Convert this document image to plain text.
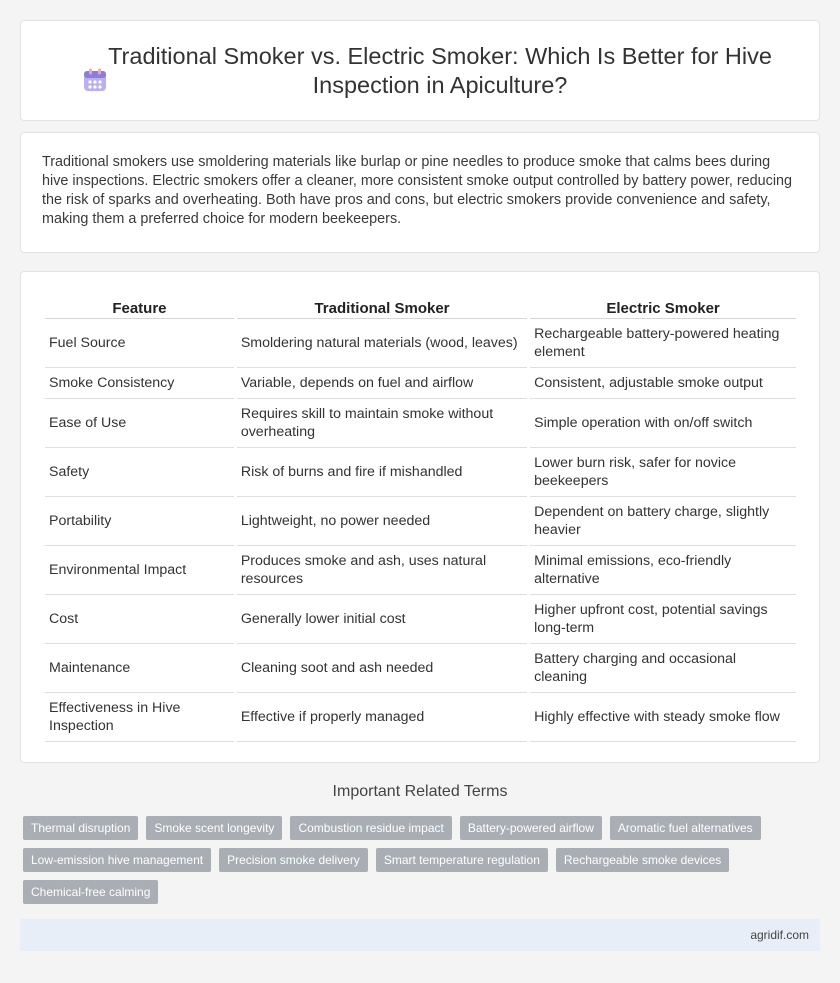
Traditional Smoker vs. Electric Smoker: Which Is Better for Hive Inspection in Apiculture?

Traditional smokers use smoldering materials like burlap or pine needles to produce smoke that calms bees during hive inspections. Electric smokers offer a cleaner, more consistent smoke output controlled by battery power, reducing the risk of sparks and overheating. Both have pros and cons, but electric smokers provide convenience and safety, making them a preferred choice for modern beekeepers.

Feature	Traditional Smoker	Electric Smoker
Fuel Source	Smoldering natural materials (wood, leaves)	Rechargeable battery-powered heating element
Smoke Consistency	Variable, depends on fuel and airflow	Consistent, adjustable smoke output
Ease of Use	Requires skill to maintain smoke without overheating	Simple operation with on/off switch
Safety	Risk of burns and fire if mishandled	Lower burn risk, safer for novice beekeepers
Portability	Lightweight, no power needed	Dependent on battery charge, slightly heavier
Environmental Impact	Produces smoke and ash, uses natural resources	Minimal emissions, eco-friendly alternative
Cost	Generally lower initial cost	Higher upfront cost, potential savings long-term
Maintenance	Cleaning soot and ash needed	Battery charging and occasional cleaning
Effectiveness in Hive Inspection	Effective if properly managed	Highly effective with steady smoke flow
Important Related Terms
Thermal disruption	Smoke scent longevity	Combustion residue impact	Battery-powered airflow	Aromatic fuel alternatives
Low-emission hive management	Precision smoke delivery	Smart temperature regulation	Rechargeable smoke devices
Chemical-free calming
agridif.com
